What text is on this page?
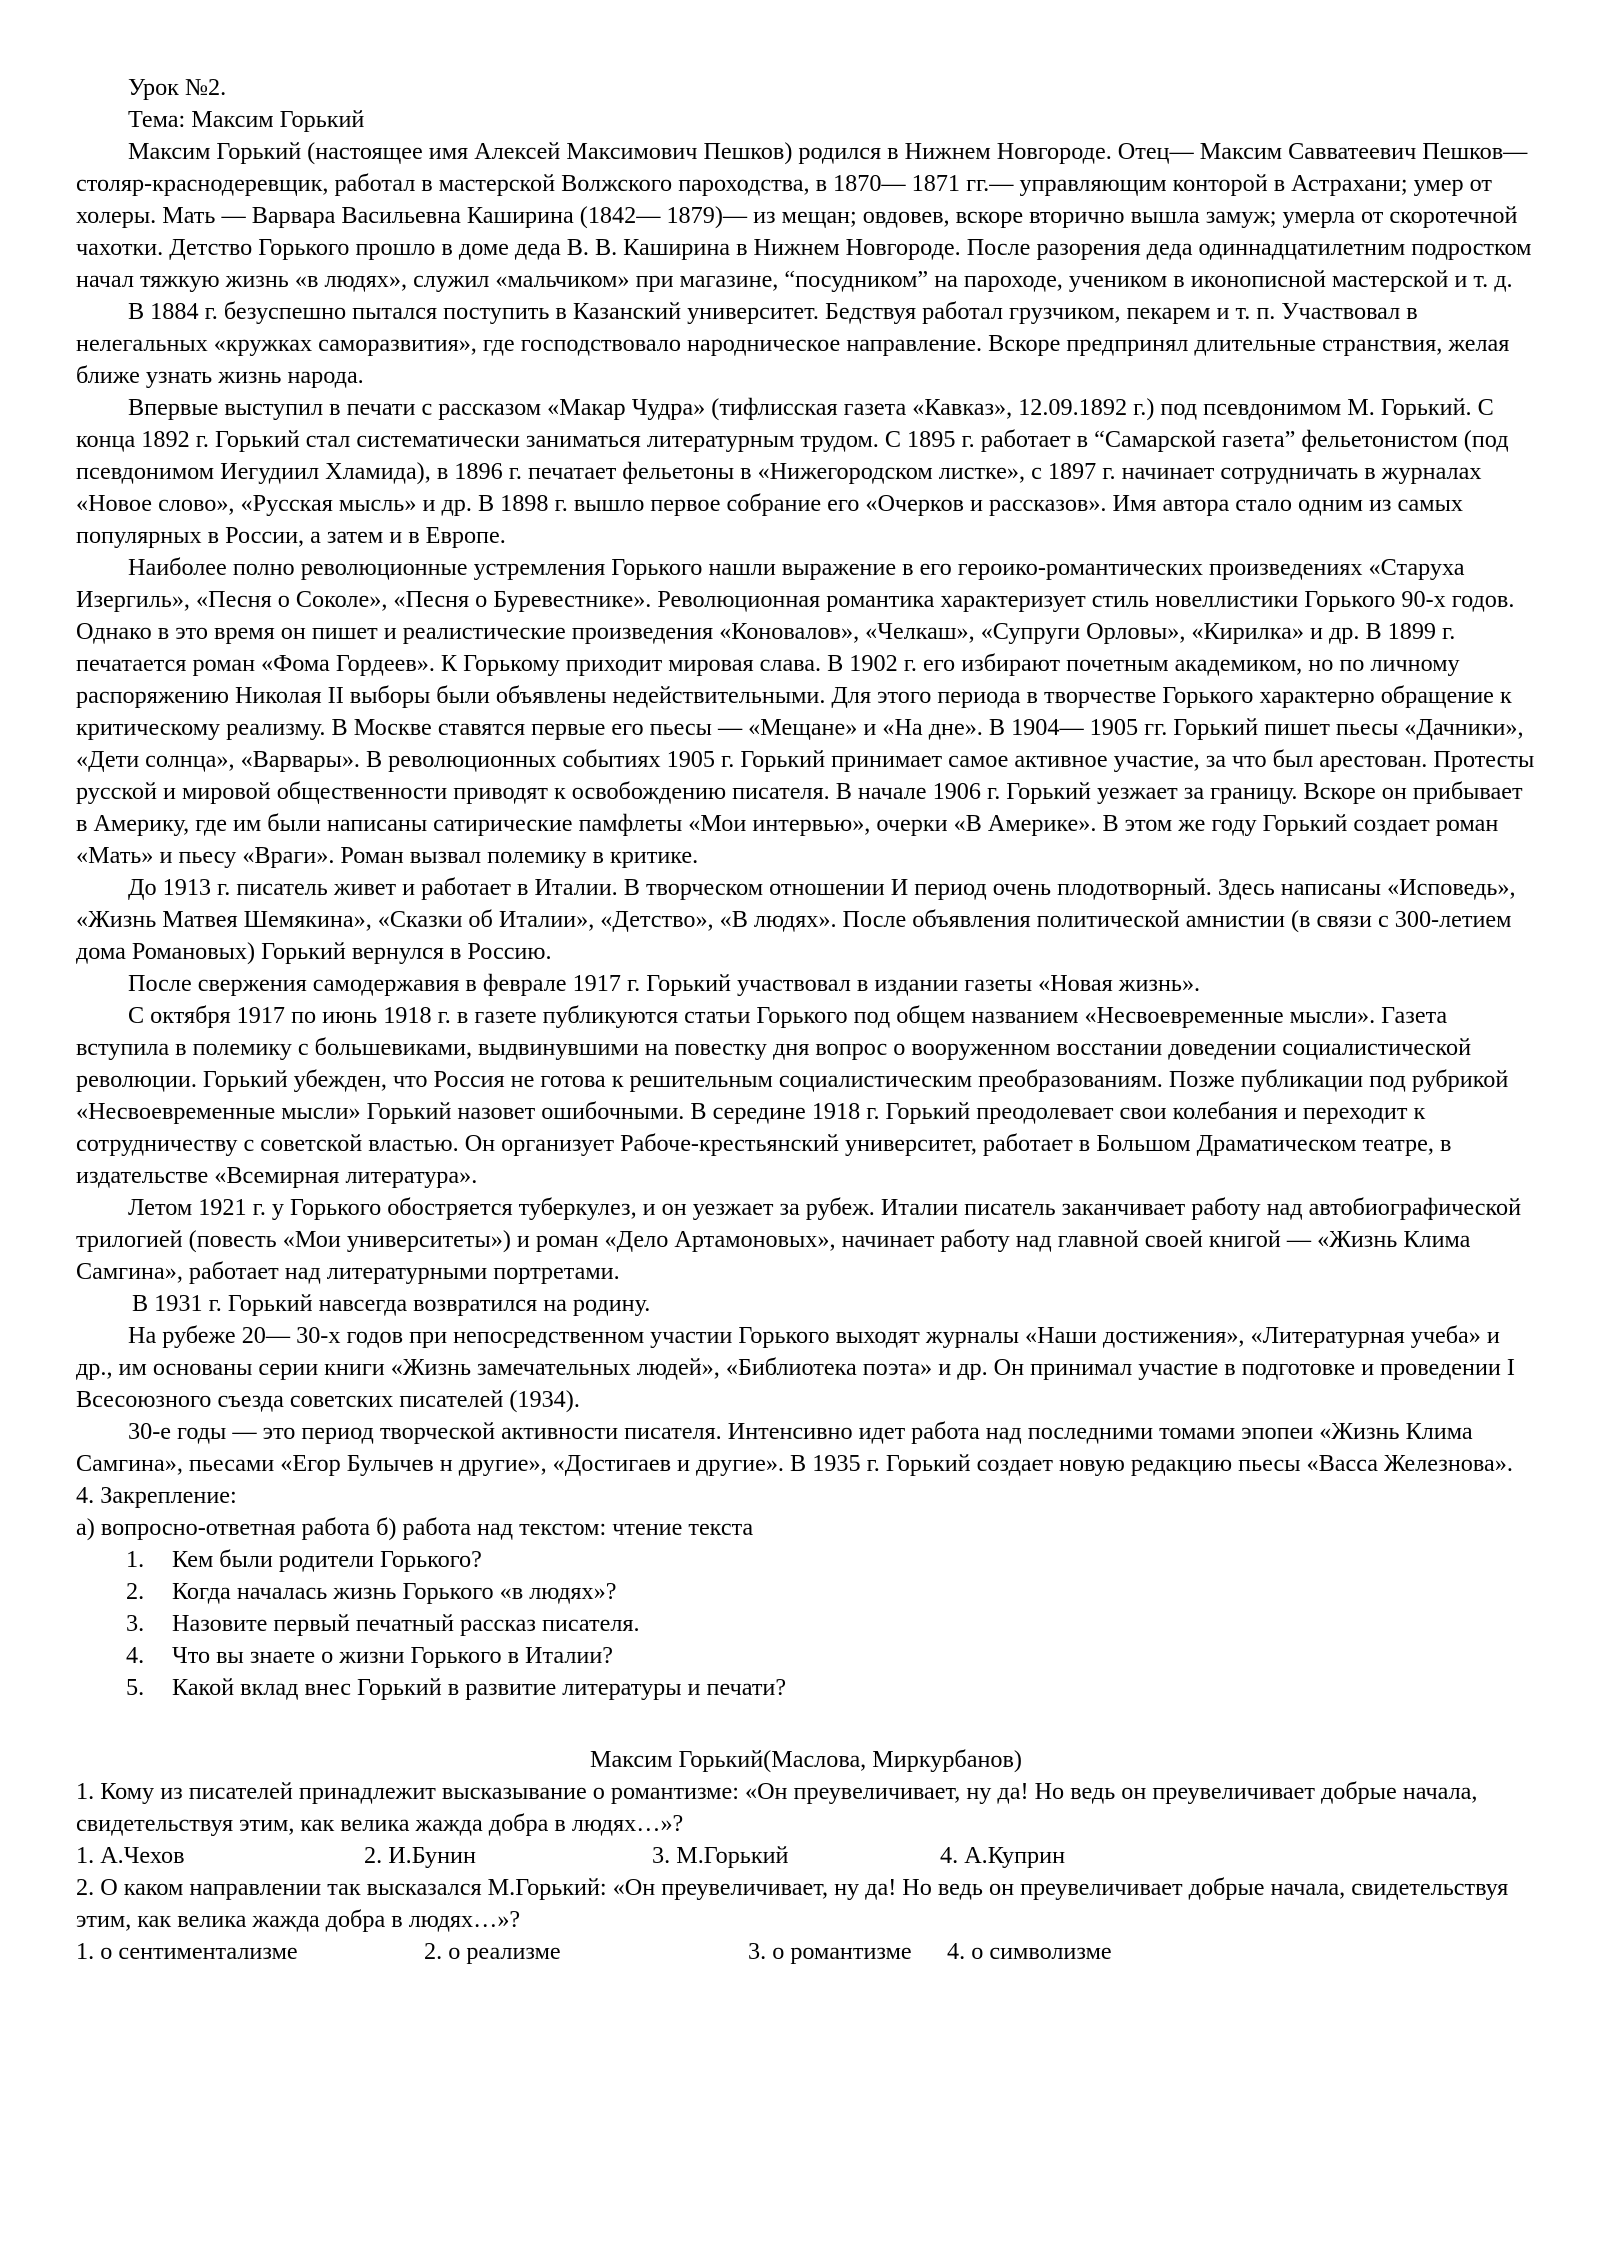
Урок №2.

Тема: Максим Горький

Максим Горький (настоящее имя Алексей Максимович Пешков) родился в Нижнем Новгороде. Отец— Максим Савватеевич Пешков— столяр-краснодеревщик, работал в мастерской Волжского пароходства, в 1870— 1871 гг.— управляющим конторой в Астрахани; умер от холеры. Мать — Варвара Васильевна Каширина (1842— 1879)— из мещан; овдовев, вскоре вторично вышла замуж; умерла от скоротечной чахотки. Детство Горького прошло в доме деда В. В. Каширина в Нижнем Новгороде. После разорения деда одиннадцатилетним подростком начал тяжкую жизнь «в людях», служил «мальчиком» при магазине, “посудником” на пароходе, учеником в иконописной мастерской и т. д.

В 1884 г. безуспешно пытался поступить в Казанский университет. Бедствуя работал грузчиком, пекарем и т. п. Участвовал в нелегальных «кружках саморазвития», где господствовало народническое направление. Вскоре предпринял длительные странствия, желая ближе узнать жизнь народа.

Впервые выступил в печати с рассказом «Макар Чудра» (тифлисская газета «Кавказ», 12.09.1892 г.) под псевдонимом М. Горький. С конца 1892 г. Горький стал систематически заниматься литературным трудом. С 1895 г. работает в “Самарской газета” фельетонистом (под псевдонимом Иегудиил Хламида), в 1896 г. печатает фельетоны в «Нижегородском листке», с 1897 г. начинает сотрудничать в журналах «Новое слово», «Русская мысль» и др. В 1898 г. вышло первое собрание его «Очерков и рассказов». Имя автора стало одним из самых популярных в России, а затем и в Европе.

Наиболее полно революционные устремления Горького нашли выражение в его героико-романтических произведениях «Старуха Изергиль», «Песня о Соколе», «Песня о Буревестнике». Революционная романтика характеризует стиль новеллистики Горького 90-х годов. Однако в это время он пишет и реалистические произведения «Коновалов», «Челкаш», «Супруги Орловы», «Кирилка» и др. В 1899 г. печатается роман «Фома Гордеев». К Горькому приходит мировая слава. В 1902 г. его избирают почетным академиком, но по личному распоряжению Николая II выборы были объявлены недействительными. Для этого периода в творчестве Горького характерно обращение к критическому реализму. В Москве ставятся первые его пьесы — «Мещане» и «На дне». В 1904— 1905 гг. Горький пишет пьесы «Дачники», «Дети солнца», «Варвары». В революционных событиях 1905 г. Горький принимает самое активное участие, за что был арестован. Протесты русской и мировой общественности приводят к освобождению писателя. В начале 1906 г. Горький уезжает за границу. Вскоре он прибывает в Америку, где им были написаны сатирические памфлеты «Мои интервью», очерки «В Америке». В этом же году Горький создает роман «Мать» и пьесу «Враги». Роман вызвал полемику в критике.

До 1913 г. писатель живет и работает в Италии. В творческом отношении И период очень плодотворный. Здесь написаны «Исповедь», «Жизнь Матвея Шемякина», «Сказки об Италии», «Детство», «В людях». После объявления политической амнистии (в связи с 300-летием дома Романовых) Горький вернулся в Россию.

После свержения самодержавия в феврале 1917 г. Горький участвовал в издании газеты «Новая жизнь».

С октября 1917 по июнь 1918 г. в газете публикуются статьи Горького под общем названием «Несвоевременные мысли». Газета вступила в полемику с большевиками, выдвинувшими на повестку дня вопрос о вооруженном восстании доведении социалистической революции. Горький убежден, что Россия не готова к решительным социалистическим преобразованиям. Позже публикации под рубрикой «Несвоевременные мысли» Горький назовет ошибочными. В середине 1918 г. Горький преодолевает свои колебания и переходит к сотрудничеству с советской властью. Он организует Рабоче-крестьянский университет, работает в Большом Драматическом театре, в издательстве «Всемирная литература».

Летом 1921 г. у Горького обостряется туберкулез, и он уезжает за рубеж. Италии писатель заканчивает работу над автобиографической трилогией (повесть «Мои университеты») и роман «Дело Артамоновых», начинает работу над главной своей книгой — «Жизнь Клима Самгина», работает над литературными портретами.

В 1931 г. Горький навсегда возвратился на родину.

На рубеже 20— 30-х годов при непосредственном участии Горького выходят журналы «Наши достижения», «Литературная учеба» и др., им основаны серии книги «Жизнь замечательных людей», «Библиотека поэта» и др. Он принимал участие в подготовке и проведении I Всесоюзного съезда советских писателей (1934).

30-е годы — это период творческой активности писателя. Интенсивно идет работа над последними томами эпопеи «Жизнь Клима Самгина», пьесами «Егор Булычев н другие», «Достигаев и другие». В 1935 г. Горький создает новую редакцию пьесы «Васса Железнова».

4. Закрепление:

а) вопросно-ответная работа б) работа над текстом: чтение текста

1. Кем были родители Горького?
2. Когда началась жизнь Горького «в людях»?
3. Назовите первый печатный рассказ писателя.
4. Что вы знаете о жизни Горького в Италии?
5. Какой вклад внес Горький в развитие литературы и печати?

Максим Горький(Маслова, Миркурбанов)

1. Кому из писателей принадлежит высказывание о романтизме: «Он преувеличивает, ну да! Но ведь он преувеличивает добрые начала, свидетельствуя этим, как велика жажда добра в людях…»?

1. А.Чехов	2. И.Бунин	3. М.Горький	4. А.Куприн

2. О каком направлении так высказался М.Горький: «Он преувеличивает, ну да! Но ведь он преувеличивает добрые начала, свидетельствуя этим, как велика жажда добра в людях…»?

1. о сентиментализме	2. о реализме	3. о романтизме 4. о символизме
